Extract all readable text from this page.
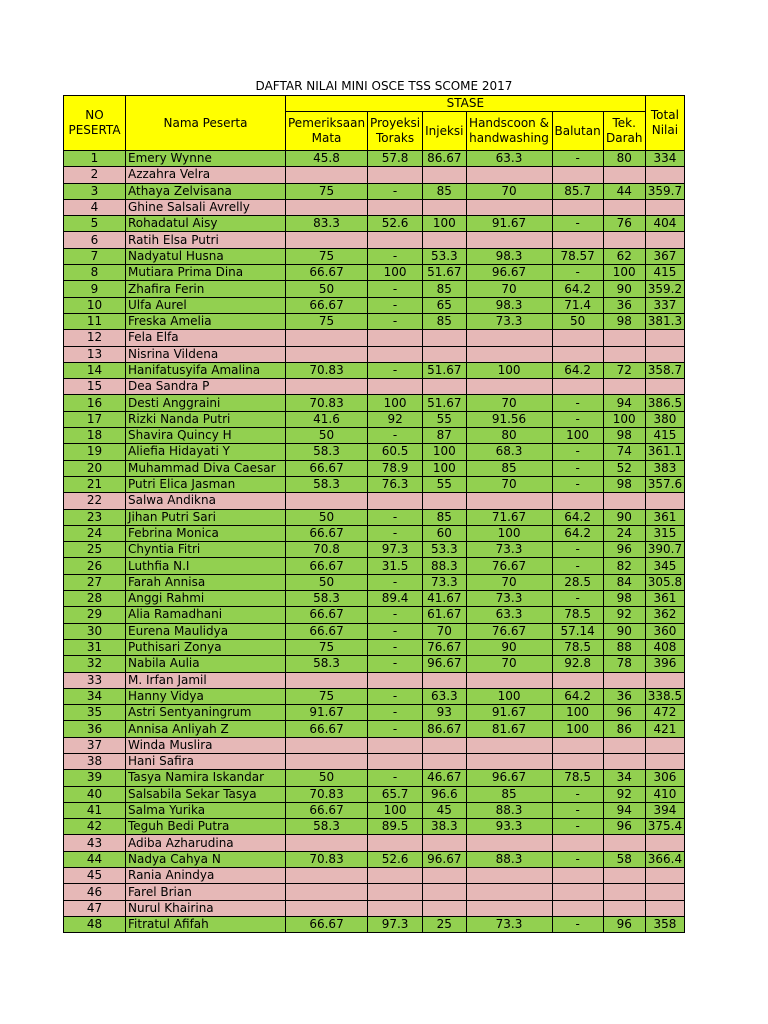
DAFTAR NILAI MINI OSCE TSS SCOME 2017
NO PESERTA	Nama Peserta	STASE						Total Nilai
		Pemeriksaan Mata	Proyeksi Toraks	Injeksi	Handscoon & handwashing	Balutan	Tek. Darah	
1	Emery Wynne	45.8	57.8	86.67	63.3	-	80	334
2	Azzahra Velra							
3	Athaya Zelvisana	75	-	85	70	85.7	44	359.7
4	Ghine Salsali Avrelly							
5	Rohadatul Aisy	83.3	52.6	100	91.67	-	76	404
6	Ratih Elsa Putri							
7	Nadyatul Husna	75	-	53.3	98.3	78.57	62	367
8	Mutiara Prima Dina	66.67	100	51.67	96.67	-	100	415
9	Zhafira Ferin	50	-	85	70	64.2	90	359.2
10	Ulfa Aurel	66.67	-	65	98.3	71.4	36	337
11	Freska Amelia	75	-	85	73.3	50	98	381.3
12	Fela Elfa							
13	Nisrina Vildena							
14	Hanifatusyifa Amalina	70.83	-	51.67	100	64.2	72	358.7
15	Dea Sandra P							
16	Desti Anggraini	70.83	100	51.67	70	-	94	386.5
17	Rizki Nanda Putri	41.6	92	55	91.56	-	100	380
18	Shavira Quincy H	50	-	87	80	100	98	415
19	Aliefia Hidayati Y	58.3	60.5	100	68.3	-	74	361.1
20	Muhammad Diva Caesar	66.67	78.9	100	85	-	52	383
21	Putri Elica Jasman	58.3	76.3	55	70	-	98	357.6
22	Salwa Andikna							
23	Jihan Putri Sari	50	-	85	71.67	64.2	90	361
24	Febrina Monica	66.67	-	60	100	64.2	24	315
25	Chyntia Fitri	70.8	97.3	53.3	73.3	-	96	390.7
26	Luthfia N.I	66.67	31.5	88.3	76.67	-	82	345
27	Farah Annisa	50	-	73.3	70	28.5	84	305.8
28	Anggi Rahmi	58.3	89.4	41.67	73.3	-	98	361
29	Alia Ramadhani	66.67	-	61.67	63.3	78.5	92	362
30	Eurena Maulidya	66.67	-	70	76.67	57.14	90	360
31	Puthisari Zonya	75	-	76.67	90	78.5	88	408
32	Nabila Aulia	58.3	-	96.67	70	92.8	78	396
33	M. Irfan Jamil							
34	Hanny Vidya	75	-	63.3	100	64.2	36	338.5
35	Astri Sentyaningrum	91.67	-	93	91.67	100	96	472
36	Annisa Anliyah Z	66.67	-	86.67	81.67	100	86	421
37	Winda Muslira							
38	Hani Safira							
39	Tasya Namira Iskandar	50	-	46.67	96.67	78.5	34	306
40	Salsabila Sekar Tasya	70.83	65.7	96.6	85	-	92	410
41	Salma Yurika	66.67	100	45	88.3	-	94	394
42	Teguh Bedi Putra	58.3	89.5	38.3	93.3	-	96	375.4
43	Adiba Azharudina							
44	Nadya Cahya N	70.83	52.6	96.67	88.3	-	58	366.4
45	Rania Anindya							
46	Farel Brian							
47	Nurul Khairina							
48	Fitratul Afifah	66.67	97.3	25	73.3	-	96	358
